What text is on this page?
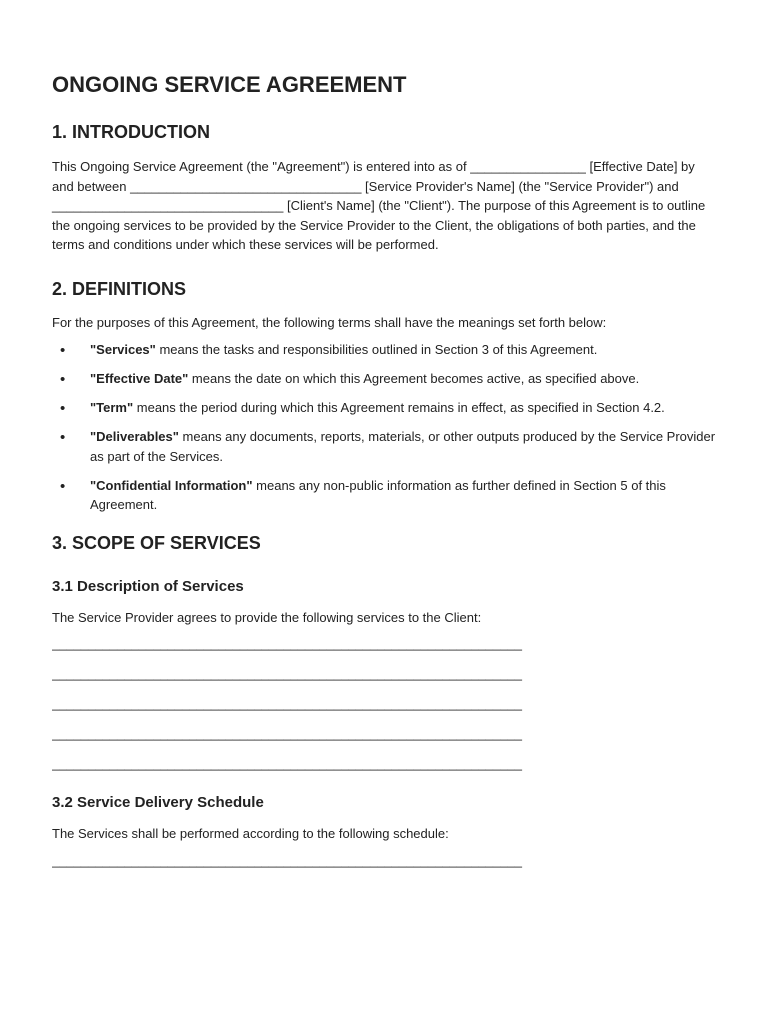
ONGOING SERVICE AGREEMENT
1. INTRODUCTION

This Ongoing Service Agreement (the "Agreement") is entered into as of ________________ [Effective Date] by and between ________________________________ [Service Provider's Name] (the "Service Provider") and ________________________________ [Client's Name] (the "Client"). The purpose of this Agreement is to outline the ongoing services to be provided by the Service Provider to the Client, the obligations of both parties, and the terms and conditions under which these services will be performed.

2. DEFINITIONS

For the purposes of this Agreement, the following terms shall have the meanings set forth below:

• "Services" means the tasks and responsibilities outlined in Section 3 of this Agreement.
• "Effective Date" means the date on which this Agreement becomes active, as specified above.
• "Term" means the period during which this Agreement remains in effect, as specified in Section 4.2.
• "Deliverables" means any documents, reports, materials, or other outputs produced by the Service Provider as part of the Services.
• "Confidential Information" means any non-public information as further defined in Section 5 of this Agreement.
3. SCOPE OF SERVICES
3.1 Description of Services

The Service Provider agrees to provide the following services to the Client:

_________________________________________________________________
_________________________________________________________________
_________________________________________________________________
_________________________________________________________________
_________________________________________________________________
3.2 Service Delivery Schedule

The Services shall be performed according to the following schedule:

_________________________________________________________________
